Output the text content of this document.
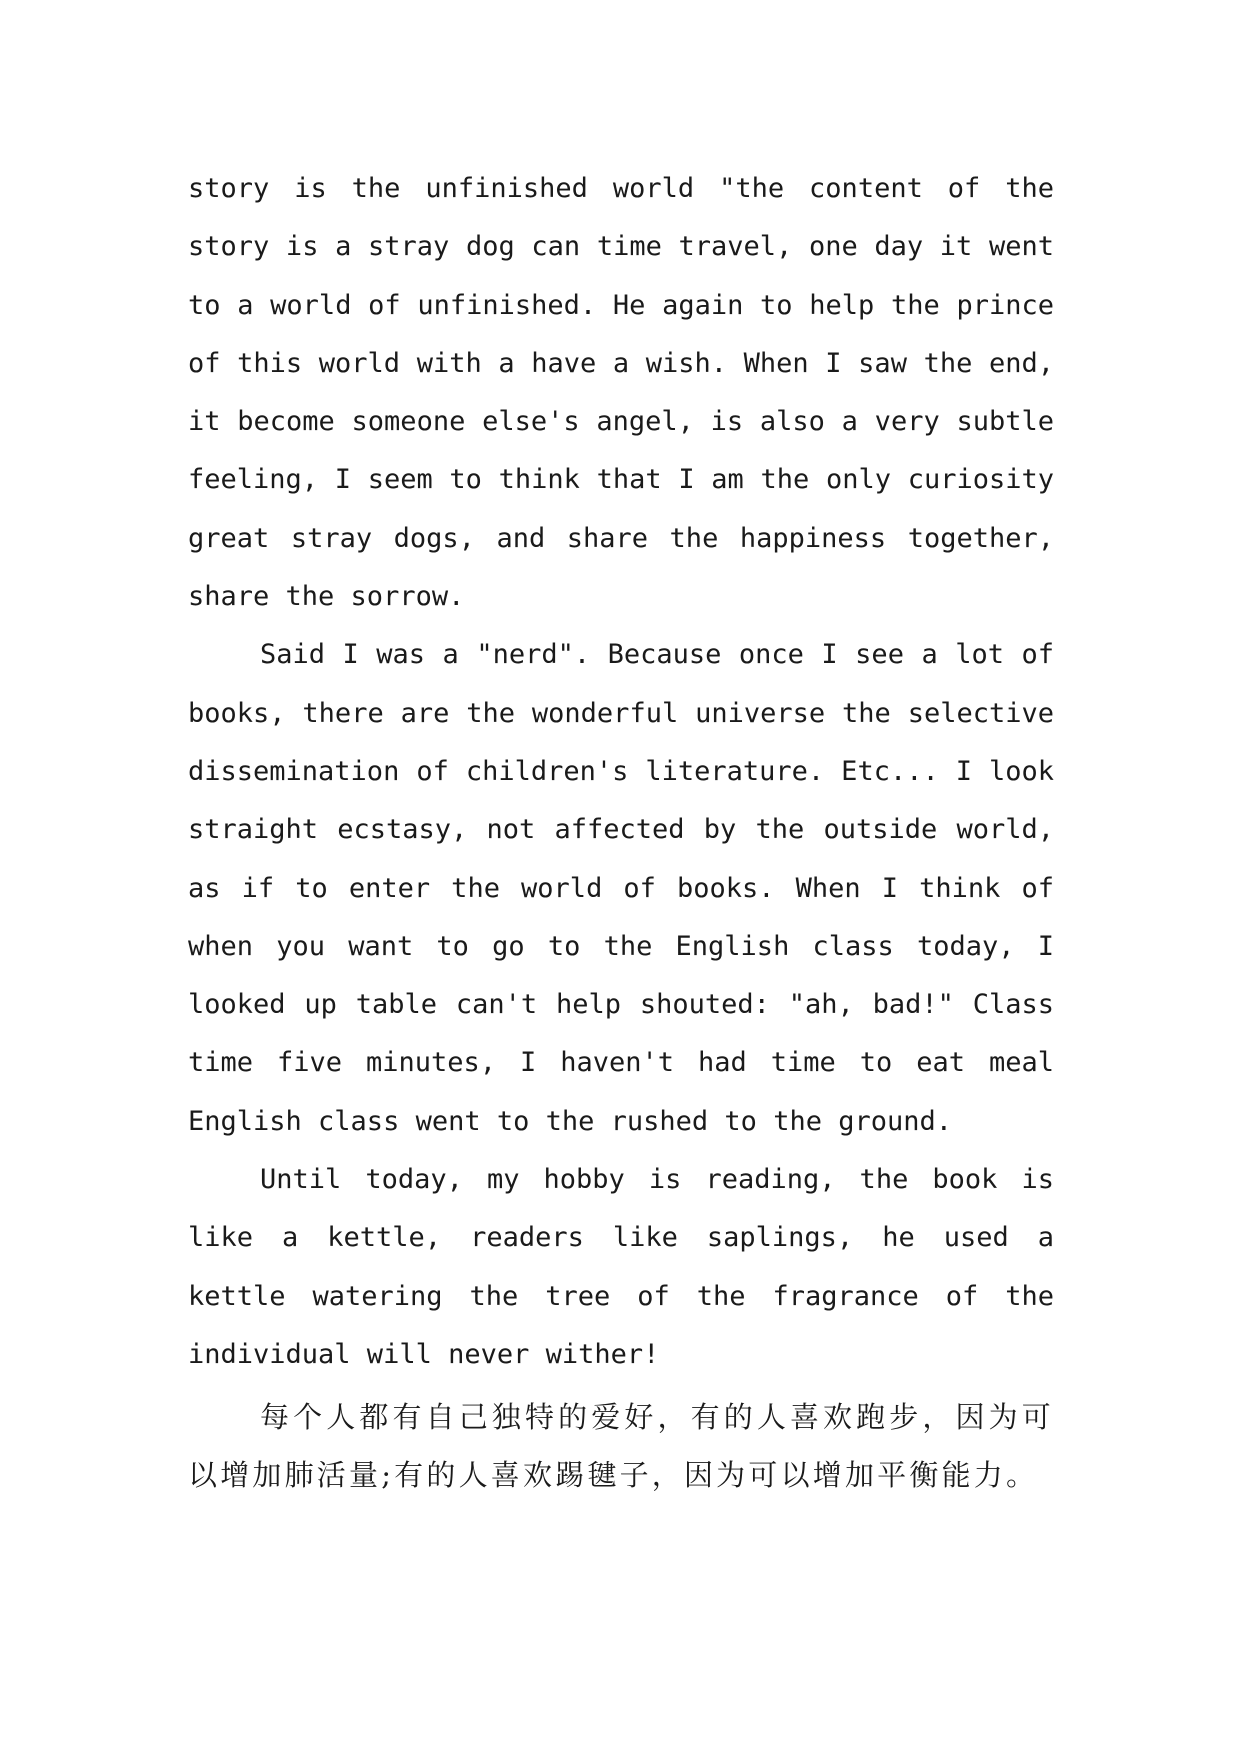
story is the unfinished world "the content of the story is a stray dog can time travel, one day it went to a world of unfinished. He again to help the prince of this world with a have a wish. When I saw the end, it become someone else's angel, is also a very subtle feeling, I seem to think that I am the only curiosity great stray dogs, and share the happiness together, share the sorrow.

Said I was a "nerd". Because once I see a lot of books, there are the wonderful universe the selective dissemination of children's literature. Etc... I look straight ecstasy, not affected by the outside world, as if to enter the world of books. When I think of when you want to go to the English class today, I looked up table can't help shouted: "ah, bad!" Class time five minutes, I haven't had time to eat meal English class went to the rushed to the ground.

Until today, my hobby is reading, the book is like a kettle, readers like saplings, he used a kettle watering the tree of the fragrance of the individual will never wither!

每个人都有自己独特的爱好，有的人喜欢跑步，因为可以增加肺活量;有的人喜欢踢毽子，因为可以增加平衡能力。
